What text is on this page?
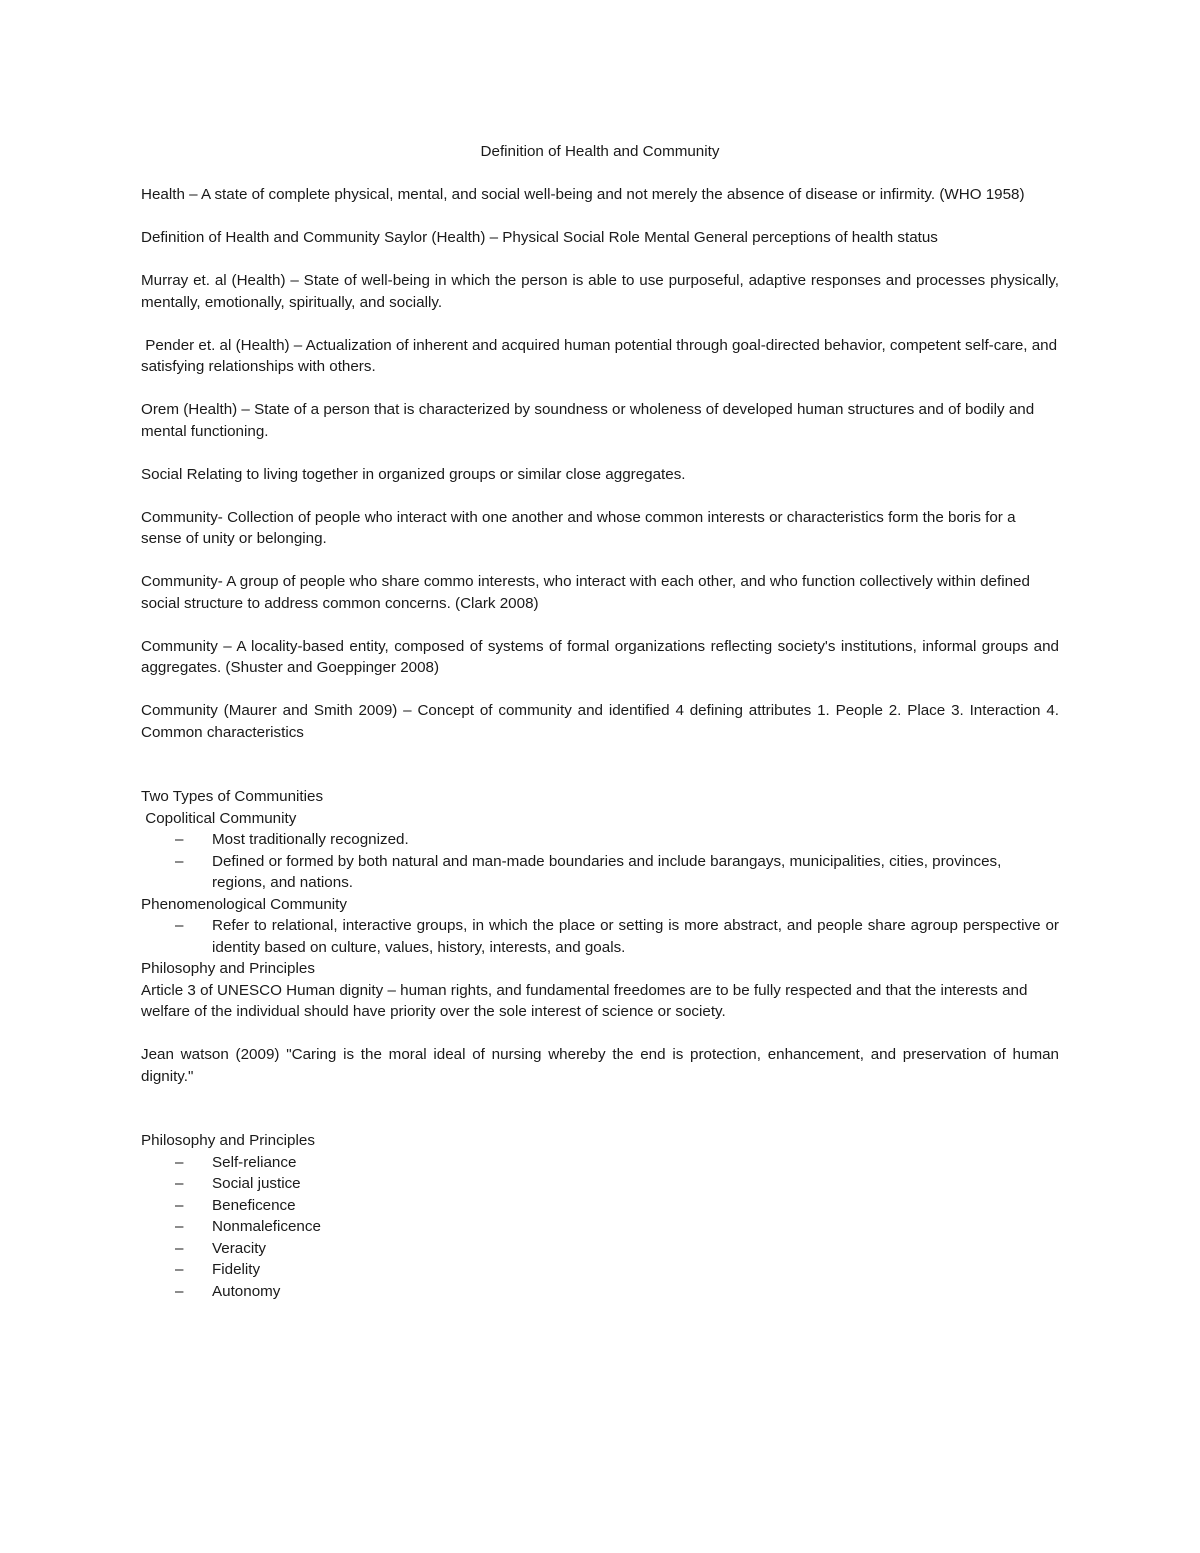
Definition of Health and Community
Health – A state of complete physical, mental, and social well-being and not merely the absence of disease or infirmity. (WHO 1958)
Definition of Health and Community Saylor (Health) – Physical Social Role Mental General perceptions of health status
Murray et. al (Health) – State of well-being in which the person is able to use purposeful, adaptive responses and processes physically, mentally, emotionally, spiritually, and socially.
Pender et. al (Health) – Actualization of inherent and acquired human potential through goal-directed behavior, competent self-care, and satisfying relationships with others.
Orem (Health) – State of a person that is characterized by soundness or wholeness of developed human structures and of bodily and mental functioning.
Social Relating to living together in organized groups or similar close aggregates.
Community- Collection of people who interact with one another and whose common interests or characteristics form the boris for a sense of unity or belonging.
Community- A group of people who share commo interests, who interact with each other, and who function collectively within defined social structure to address common concerns. (Clark 2008)
Community – A locality-based entity, composed of systems of formal organizations reflecting society's institutions, informal groups and aggregates. (Shuster and Goeppinger 2008)
Community (Maurer and Smith 2009) – Concept of community and identified 4 defining attributes 1. People 2. Place 3. Interaction 4. Common characteristics
Two Types of Communities
Copolitical Community
– Most traditionally recognized.
– Defined or formed by both natural and man-made boundaries and include barangays, municipalities, cities, provinces, regions, and nations.
Phenomenological Community
– Refer to relational, interactive groups, in which the place or setting is more abstract, and people share agroup perspective or identity based on culture, values, history, interests, and goals.
Philosophy and Principles
Article 3 of UNESCO Human dignity – human rights, and fundamental freedomes are to be fully respected and that the interests and welfare of the individual should have priority over the sole interest of science or society.
Jean watson (2009) "Caring is the moral ideal of nursing whereby the end is protection, enhancement, and preservation of human dignity."
Philosophy and Principles
– Self-reliance
– Social justice
– Beneficence
– Nonmaleficence
– Veracity
– Fidelity
– Autonomy
